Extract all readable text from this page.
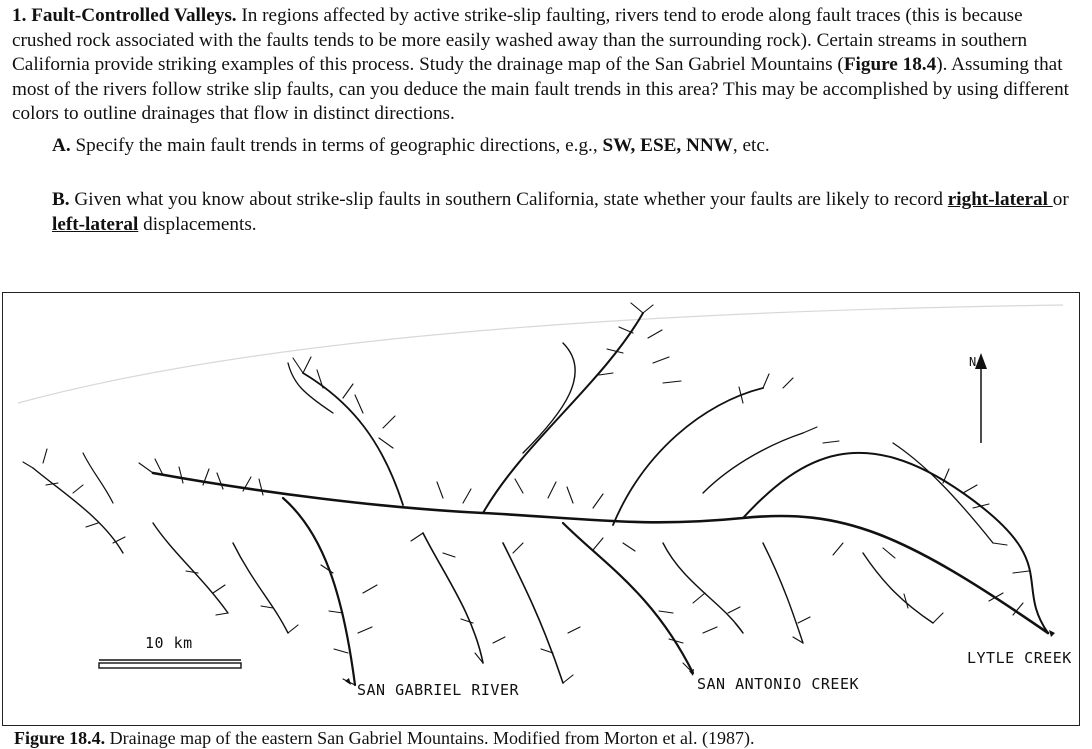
1. Fault-Controlled Valleys. In regions affected by active strike-slip faulting, rivers tend to erode along fault traces (this is because crushed rock associated with the faults tends to be more easily washed away than the surrounding rock). Certain streams in southern California provide striking examples of this process. Study the drainage map of the San Gabriel Mountains (Figure 18.4). Assuming that most of the rivers follow strike slip faults, can you deduce the main fault trends in this area? This may be accomplished by using different colors to outline drainages that flow in distinct directions.
A. Specify the main fault trends in terms of geographic directions, e.g., SW, ESE, NNW, etc.
B. Given what you know about strike-slip faults in southern California, state whether your faults are likely to record right-lateral or left-lateral displacements.
10 km
N
SAN GABRIEL RIVER	SAN ANTONIO CREEK
LYTLE CREEK
Figure 18.4. Drainage map of the eastern San Gabriel Mountains. Modified from Morton et al. (1987).
